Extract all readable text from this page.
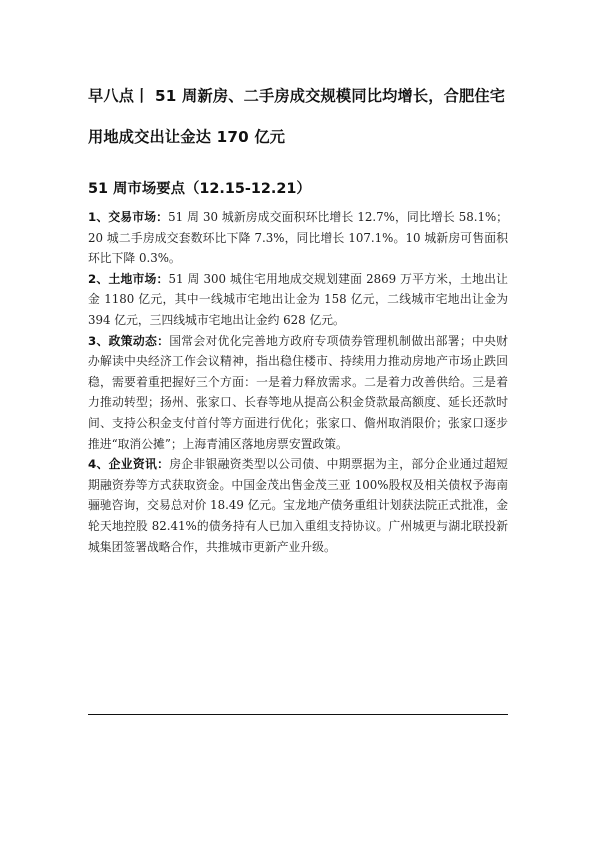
早八点丨 51 周新房、二手房成交规模同比均增长，合肥住宅用地成交出让金达 170 亿元
51 周市场要点（12.15-12.21）

1、交易市场：51 周 30 城新房成交面积环比增长 12.7%，同比增长 58.1%；20 城二手房成交套数环比下降 7.3%，同比增长 107.1%。10 城新房可售面积环比下降 0.3%。

2、土地市场：51 周 300 城住宅用地成交规划建面 2869 万平方米，土地出让金 1180 亿元，其中一线城市宅地出让金为 158 亿元，二线城市宅地出让金为 394 亿元，三四线城市宅地出让金约 628 亿元。

3、政策动态：国常会对优化完善地方政府专项债券管理机制做出部署；中央财办解读中央经济工作会议精神，指出稳住楼市、持续用力推动房地产市场止跌回稳，需要着重把握好三个方面：一是着力释放需求。二是着力改善供给。三是着力推动转型；扬州、张家口、长春等地从提高公积金贷款最高额度、延长还款时间、支持公积金支付首付等方面进行优化；张家口、儋州取消限价；张家口逐步推进“取消公摊”；上海青浦区落地房票安置政策。

4、企业资讯：房企非银融资类型以公司债、中期票据为主，部分企业通过超短期融资券等方式获取资金。中国金茂出售金茂三亚 100%股权及相关债权予海南骊驰咨询，交易总对价 18.49 亿元。宝龙地产债务重组计划获法院正式批准，金轮天地控股 82.41%的债务持有人已加入重组支持协议。广州城更与湖北联投新城集团签署战略合作，共推城市更新产业升级。
